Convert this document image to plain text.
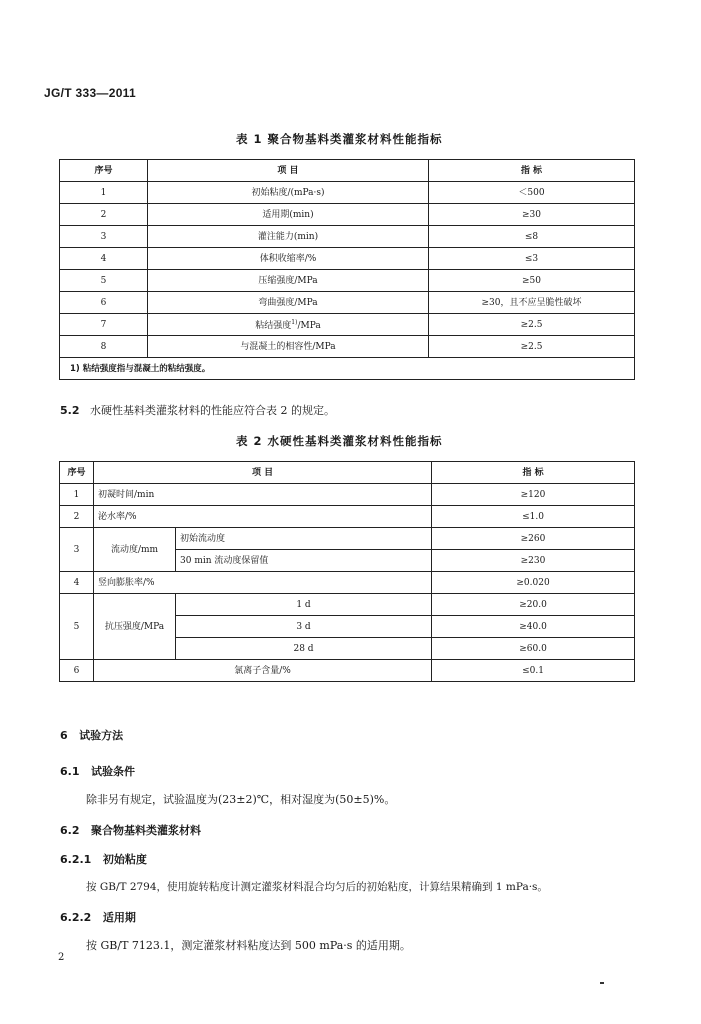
JG/T 333—2011
表 1 聚合物基料类灌浆材料性能指标
序号	项 目	指 标
1	初始粘度/(mPa·s)	＜500
2	适用期(min)	≥30
3	灌注能力(min)	≤8
4	体积收缩率/%	≤3
5	压缩强度/MPa	≥50
6	弯曲强度/MPa	≥30，且不应呈脆性破坏
7	粘结强度$^{1)}$/MPa	≥2.5
8	与混凝土的相容性/MPa	≥2.5
1) 粘结强度指与混凝土的粘结强度。		
5.2 水硬性基料类灌浆材料的性能应符合表 2 的规定。
表 2 水硬性基料类灌浆材料性能指标
序号	项 目		指 标
1	初凝时间/min		≥120
2	泌水率/%		≤1.0
3	流动度/mm	初始流动度	≥260
		30 min 流动度保留值	≥230
4	竖向膨胀率/%		≥0.020
5	抗压强度/MPa	1 d	≥20.0
		3 d	≥40.0
		28 d	≥60.0
6	氯离子含量/%		≤0.1
6 试验方法
6.1 试验条件
除非另有规定，试验温度为(23±2)℃，相对湿度为(50±5)%。
6.2 聚合物基料类灌浆材料
6.2.1 初始粘度
按 GB/T 2794，使用旋转粘度计测定灌浆材料混合均匀后的初始粘度，计算结果精确到 1 mPa·s。
6.2.2 适用期
按 GB/T 7123.1，测定灌浆材料粘度达到 500 mPa·s 的适用期。
2
